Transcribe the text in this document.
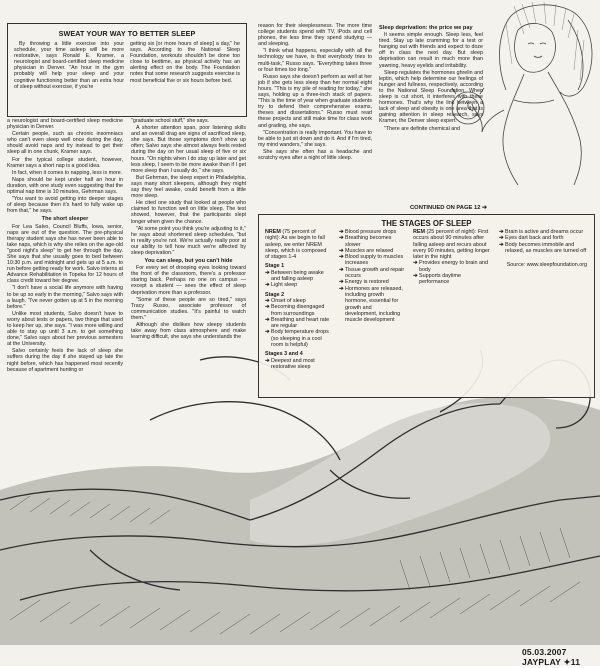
SWEAT YOUR WAY TO BETTER SLEEP

By throwing a little exercise into your schedule, your time asleep will be more restorative, says Ronald E. Kramer, a neurologist and board-certified sleep medicine physician in Denver. "An hour in the gym probably will help your sleep and your cognitive functioning better than an extra hour of sleep without exercise, if you're

getting six [or more hours of sleep] a day," he says. According to the National Sleep Foundation, workouts shouldn't be done too close to bedtime, as physical activity has an alerting effect on the body. The Foundation notes that some research suggests exercise is most beneficial five or six hours before bed.

a neurologist and board-certified sleep medicine physician in Denver.

Certain people, such as chronic insomniacs who can't even sleep well once during the day, should avoid naps and try instead to get their sleep all in one chunk, Kramer says.

For the typical college student, however, Kramer says a short nap is a good idea.

In fact, when it comes to napping, less is more.

Naps should be kept under half an hour in duration, with one study even suggesting that the optimal nap time is 10 minutes, Gehrman says.

"You want to avoid getting into deeper stages of sleep because then it's hard to fully wake up from that," he says.

The short sleeper

For Lea Salvo, Council Bluffs, Iowa, senior, naps are out of the question. The pre-physical therapy student says she has never been able to take naps, which is why she relies on the age-old "good night's sleep" to get her through the day. She says that she usually goes to bed between 10:30 p.m. and midnight and gets up at 5 a.m. to run before getting ready for work. Salvo interns at Advance Rehabilitation in Topeka for 12 hours of class credit toward her degree.

"I don't have a social life anymore with having to be up so early in the morning," Salvo says with a laugh. "I've never gotten up at 5 in the morning before."

Unlike most students, Salvo doesn't have to worry about tests or papers, two things that used to keep her up, she says. "I was more willing and able to stay up until 3 a.m. to get something done," Salvo says about her previous semesters at the University.

Salvo certainly feels the lack of sleep she suffers during the day if she stayed up late the night before, which has happened most recently because of apartment hunting or

"graduate school stuff," she says.

A shorter attention span, poor listening skills and an overall drag are signs of sacrificed sleep, she says. But those symptoms don't show up often; Salvo says she almost always feels rested during the day on her usual sleep of five or six hours. "On nights when I do stay up later and get less sleep, I seem to be more awake than if I get more sleep than I usually do," she says.

But Gehrman, the sleep expert in Philadelphia, says many short sleepers, although they might say they feel awake, could benefit from a little more sleep.

He cited one study that looked at people who claimed to function well on little sleep. The test showed, however, that the participants slept longer when given the chance.

"At some point you think you're adjusting to it," he says about shortened sleep schedules, "but in reality you're not. We're actually really poor at our ability to tell how much we're affected by sleep deprivation."

You can sleep, but you can't hide

For every set of drooping eyes looking toward the front of the classroom, there's a professor staring back. Perhaps no one on campus — except a student — sees the effect of sleep deprivation more than a professor.

"Some of these people are so tired," says Tracy Russo, associate professor of communication studies. "It's painful to watch them."

Although she dislikes how sleepy students take away from class atmosphere and make learning difficult, she says she understands the

reason for their sleeplessness. The more time college students spend with TV, iPods and cell phones, the less time they spend studying — and sleeping.

"I think what happens, especially with all the technology we have, is that everybody tries to multi-task," Russo says. "Everything takes three or four times too long."

Russo says she doesn't perform as well at her job if she gets less sleep than her normal eight hours. "This is my pile of reading for today," she says, holding up a three-inch stack of papers. "This is the time of year when graduate students try to defend their comprehensive exams, theses and dissertations." Russo must read these projects and still make time for class work and grading, she says.

"Concentration is really important. You have to be able to just sit down and do it. And if I'm tired, my mind wanders," she says.

She says she often has a headache and scratchy eyes after a night of little sleep.

Sleep deprivation: the price we pay

It seems simple enough. Sleep less, feel tired. Stay up late cramming for a test or hanging out with friends and expect to doze off in class the next day. But sleep deprivation can result in much more than yawning, heavy eyelids and irritability.

Sleep regulates the hormones ghrelin and leptin, which help determine our feelings of hunger and fullness, respectively, according to the National Sleep Foundation. When sleep is cut short, it interferes with these hormones. That's why the link between a lack of sleep and obesity is one area that is gaining attention in sleep research, says Kramer, the Denver sleep expert.

"There are definite chemical and

CONTINUED ON PAGE 12 ➔
THE STAGES OF SLEEP
NREM (75 percent of night): As we begin to fall asleep, we enter NREM sleep, which is composed of stages 1-4
Stage 1
➔ Between being awake and falling asleep
➔ Light sleep
Stage 2
➔ Onset of sleep
➔ Becoming disengaged from surroundings
➔ Breathing and heart rate are regular
➔ Body temperature drops (so sleeping in a cool room is helpful)
Stages 3 and 4
➔ Deepest and most restorative sleep
➔ Blood pressure drops
➔ Breathing becomes slower
➔ Muscles are relaxed
➔ Blood supply to muscles increases
➔ Tissue growth and repair occurs
➔ Energy is restored
➔ Hormones are released, including growth hormone, essential for growth and development, including muscle development
REM (25 percent of night): First occurs about 90 minutes after falling asleep and recurs about every 90 minutes, getting longer later in the night
➔ Provides energy to brain and body
➔ Supports daytime performance
➔ Brain is active and dreams occur
➔ Eyes dart back and forth
➔ Body becomes immobile and relaxed, as muscles are turned off
Source: www.sleepfoundation.org
05.03.2007 JAYPLAY ✦11
